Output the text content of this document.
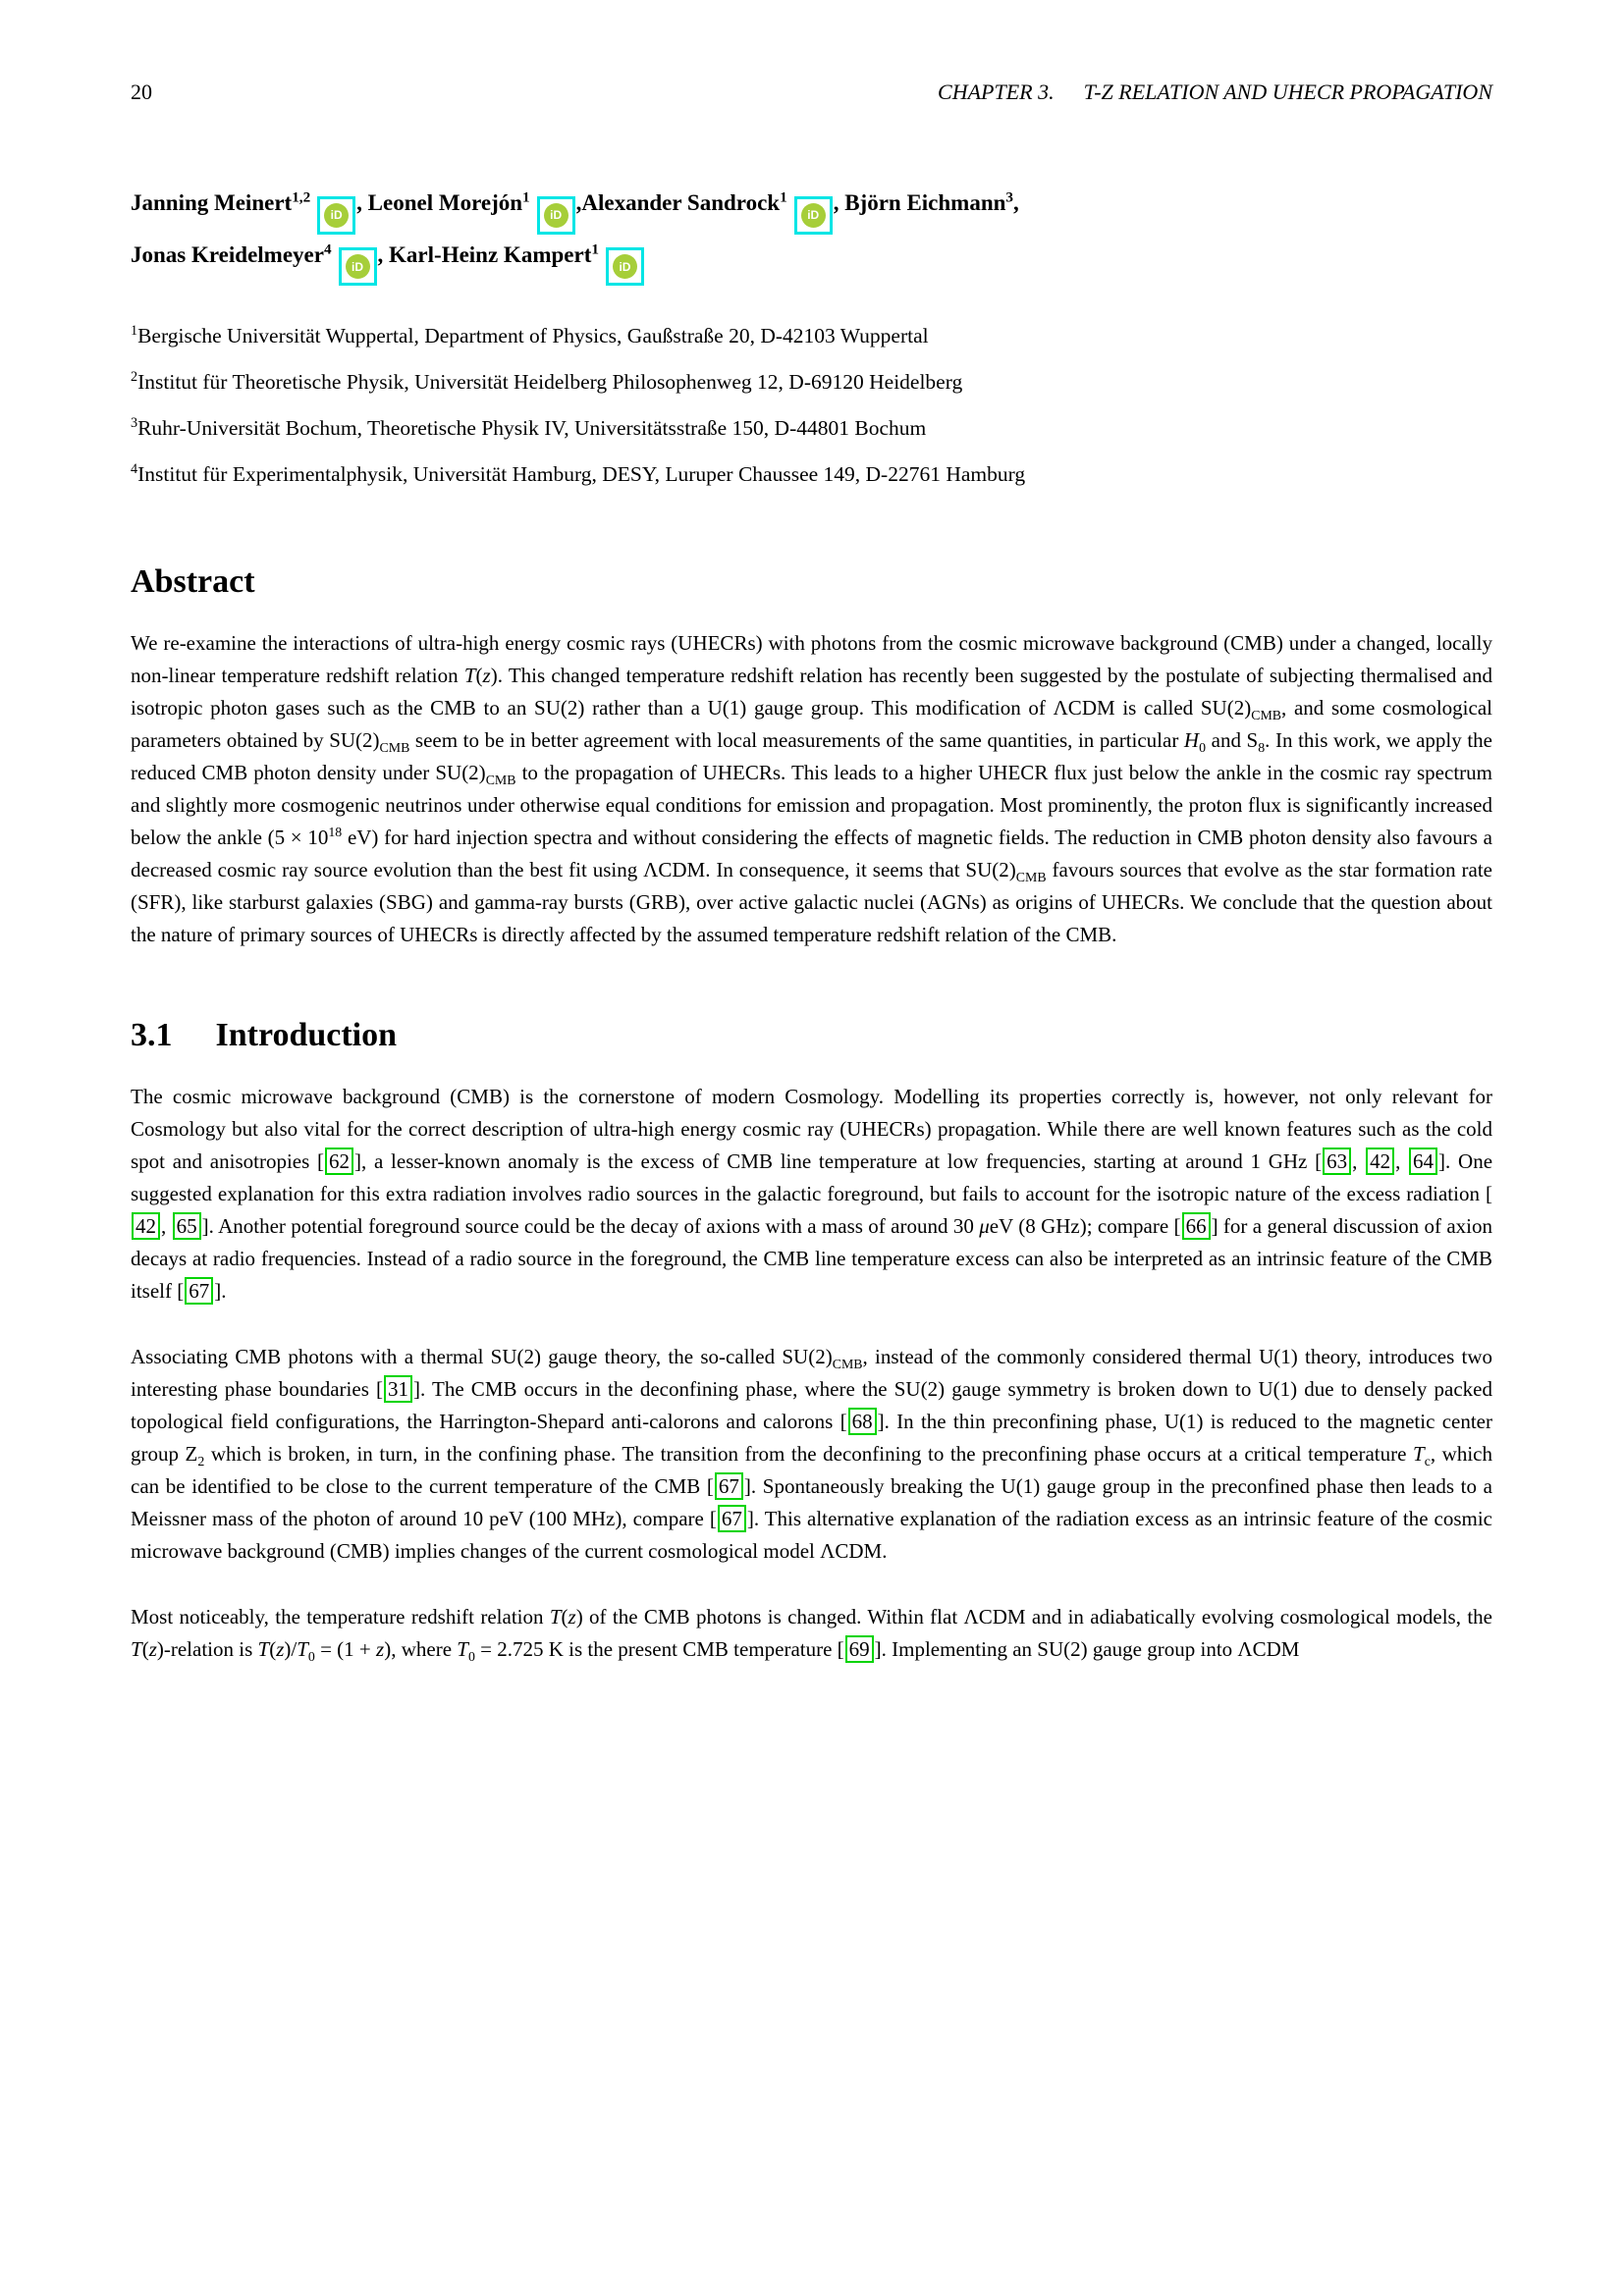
20	CHAPTER 3. T-Z RELATION AND UHECR PROPAGATION
Janning Meinert$^{1,2}$
iD , Leonel Morejón$^1$
iD ,Alexander Sandrock$^1$
iD , Björn Eichmann$^3$,
Jonas Kreidelmeyer$^4$
iD , Karl-Heinz Kampert$^1$
iD
$^1$Bergische Universität Wuppertal, Department of Physics, Gaußstraße 20, D-42103 Wuppertal
$^2$Institut für Theoretische Physik, Universität Heidelberg Philosophenweg 12, D-69120 Heidelberg
$^3$Ruhr-Universität Bochum, Theoretische Physik IV, Universitätsstraße 150, D-44801 Bochum
$^4$Institut für Experimentalphysik, Universität Hamburg, DESY, Luruper Chaussee 149, D-22761 Hamburg
Abstract
We re-examine the interactions of ultra-high energy cosmic rays (UHECRs) with photons from the cosmic microwave background (CMB) under a changed, locally non-linear temperature redshift relation T(z). This changed temperature redshift relation has recently been suggested by the postulate of subjecting thermalised and isotropic photon gases such as the CMB to an SU(2) rather than a U(1) gauge group. This modification of ΛCDM is called $SU(2)_{CMB}$, and some cosmological parameters obtained by $SU(2)_{CMB}$ seem to be in better agreement with local measurements of the same quantities, in particular $H_0$ and $S_8$. In this work, we apply the reduced CMB photon density under $SU(2)_{CMB}$ to the propagation of UHECRs. This leads to a higher UHECR flux just below the ankle in the cosmic ray spectrum and slightly more cosmogenic neutrinos under otherwise equal conditions for emission and propagation. Most prominently, the proton flux is significantly increased below the ankle ($5 \times 10^{18}$ eV) for hard injection spectra and without considering the effects of magnetic fields. The reduction in CMB photon density also favours a decreased cosmic ray source evolution than the best fit using ΛCDM. In consequence, it seems that $SU(2)_{CMB}$ favours sources that evolve as the star formation rate (SFR), like starburst galaxies (SBG) and gamma-ray bursts (GRB), over active galactic nuclei (AGNs) as origins of UHECRs. We conclude that the question about the nature of primary sources of UHECRs is directly affected by the assumed temperature redshift relation of the CMB.
3.1 Introduction
The cosmic microwave background (CMB) is the cornerstone of modern Cosmology. Modelling its properties correctly is, however, not only relevant for Cosmology but also vital for the correct description of ultra-high energy cosmic ray (UHECRs) propagation. While there are well known features such as the cold spot and anisotropies [ 62 ], a lesser-known anomaly is the excess of CMB line temperature at low frequencies, starting at around 1 GHz [ 63 , 42 , 64 ]. One suggested explanation for this extra radiation involves radio sources in the galactic foreground, but fails to account for the isotropic nature of the excess radiation [42 , 65 ]. Another potential foreground source could be the decay of axions with a mass of around 30 μeV (8 GHz); compare [ 66 ] for a general discussion of axion decays at radio frequencies. Instead of a radio source in the foreground, the CMB line temperature excess can also be interpreted as an intrinsic feature of the CMB itself [ 67 ].
Associating CMB photons with a thermal SU(2) gauge theory, the so-called $SU(2)_{CMB}$, instead of the commonly considered thermal U(1) theory, introduces two interesting phase boundaries [ 31 ]. The CMB occurs in the deconfining phase, where the SU(2) gauge symmetry is broken down to U(1) due to densely packed topological field configurations, the Harrington-Shepard anti-calorons and calorons [ 68 ]. In the thin preconfining phase, U(1) is reduced to the magnetic center group $Z_2$ which is broken, in turn, in the confining phase. The transition from the deconfining to the preconfining phase occurs at a critical temperature $T_c$, which can be identified to be close to the current temperature of the CMB [ 67 ]. Spontaneously breaking the U(1) gauge group in the preconfined phase then leads to a Meissner mass of the photon of around 10 peV (100 MHz), compare [ 67 ]. This alternative explanation of the radiation excess as an intrinsic feature of the cosmic microwave background (CMB) implies changes of the current cosmological model ΛCDM.
Most noticeably, the temperature redshift relation T(z) of the CMB photons is changed. Within flat ΛCDM and in adiabatically evolving cosmological models, the T(z)-relation is $T(z)/T_0 = (1 + z)$, where $T_0 = 2.725$ K is the present CMB temperature [ 69 ]. Implementing an SU(2) gauge group into ΛCDM
